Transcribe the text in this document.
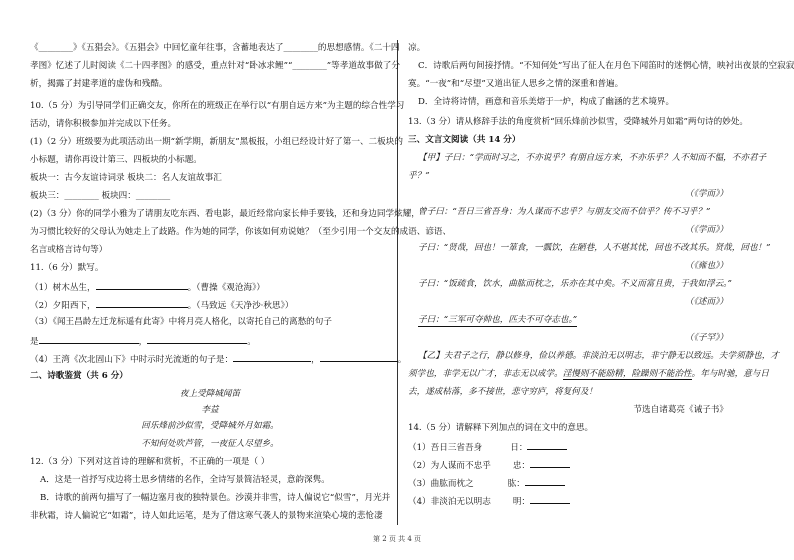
《________》《五猖会》。《五猖会》中回忆童年往事，含蓄地表达了________的思想感情。《二十四
孝图》忆述了儿时阅读《二十四孝图》的感受，重点针对“卧冰求鲤”“________”等孝道故事做了分
析，揭露了封建孝道的虚伪和残酷。
10.（5 分）为引导同学们正确交友，你所在的班级正在举行以“有朋自远方来”为主题的综合性学习
活动，请你积极参加并完成以下任务。
(1)（2 分）班级要为此项活动出一期“新学期，新朋友”黑板报，小组已经设计好了第一、二板块的
小标题，请你再设计第三、四板块的小标题。
板块一：古今友谊诗词录 板块二：名人友谊故事汇
板块三：________ 板块四：________
(2)（3 分）你的同学小雅为了请朋友吃东西、看电影，最近经常向家长伸手要钱，还和身边同学炫耀，
为习惯比较好的父母认为她走上了歧路。作为她的同学，你该如何劝说她？（至少引用一个交友的成语、谚语、
名言或格言诗句等）
11.（6 分）默写。
（1）树木丛生，	。（曹操《观沧海》）
（2）夕阳西下，	。（马致远《天净沙·秋思》）
（3）《闻王昌龄左迁龙标遥有此寄》中将月亮人格化，以寄托自己的离愁的句子
是	，	。
（4）王湾《次北固山下》中时示时光流逝的句子是：	，	。
二、诗歌鉴赏（共 6 分）
夜上受降城闻笛
李益
回乐烽前沙似雪，受降城外月如霜。
不知何处吹芦管，一夜征人尽望乡。
12.（3 分）下列对这首诗的理解和赏析，不正确的一项是（ ）
A．这是一首抒写戍边将士思乡情绪的名作，全诗写景简洁轻灵，意韵深隽。
B．诗歌的前两句描写了一幅边塞月夜的独特景色。沙漠并非雪，诗人偏说它“似雪”，月光并
非秋霜，诗人偏说它“如霜”，诗人如此运笔，是为了借这寒气袭人的景物来渲染心境的悲怆凄
凉。
C．诗歌后两句间接抒情。“不知何处”写出了征人在月色下闻笛时的迷惘心情，映衬出夜景的空寂寂
寞。“一夜”和“尽望”又道出征人思乡之情的深重和普遍。
D．全诗将诗情，画意和音乐美熔于一炉，构成了幽涵的艺术境界。
13.（3 分）请从修辞手法的角度赏析“回乐烽前沙似雪，受降城外月如霜”两句诗的妙处。
三、文言文阅读（共 14 分）
【甲】子曰：“学而时习之，不亦说乎？有朋自远方来，不亦乐乎？人不知而不愠，不亦君子
乎？”
（《学而》）
曾子曰：“吾日三省吾身：为人谋而不忠乎？与朋友交而不信乎？传不习乎？”
（《学而》）
子曰：“贤哉，回也！一箪食，一瓢饮，在陋巷，人不堪其忧，回也不改其乐。贤哉，回也！”
（《雍也》）
子曰：“饭疏食，饮水，曲肱而枕之，乐亦在其中矣。不义而富且贵，于我如浮云。”
（《述而》）
子曰：“三军可夺帅也，匹夫不可夺志也。”
（《子罕》）
【乙】夫君子之行，静以修身，俭以养德。非淡泊无以明志，非宁静无以致远。夫学须静也，才
须学也，非学无以广才，非志无以成学。淫慢则不能励精，险躁则不能治性。年与时驰，意与日
去，遂成枯落，多不接世，悲守穷庐，将复何及！
节选自诸葛亮《诫子书》
14.（5 分）请解释下列加点的词在文中的意思。
（1）吾日三省吾身	日：
（2）为人谋而不忠乎	忠：
（3）曲肱而枕之	肱：
（4）非淡泊无以明志	明：
第 2 页 共 4 页
